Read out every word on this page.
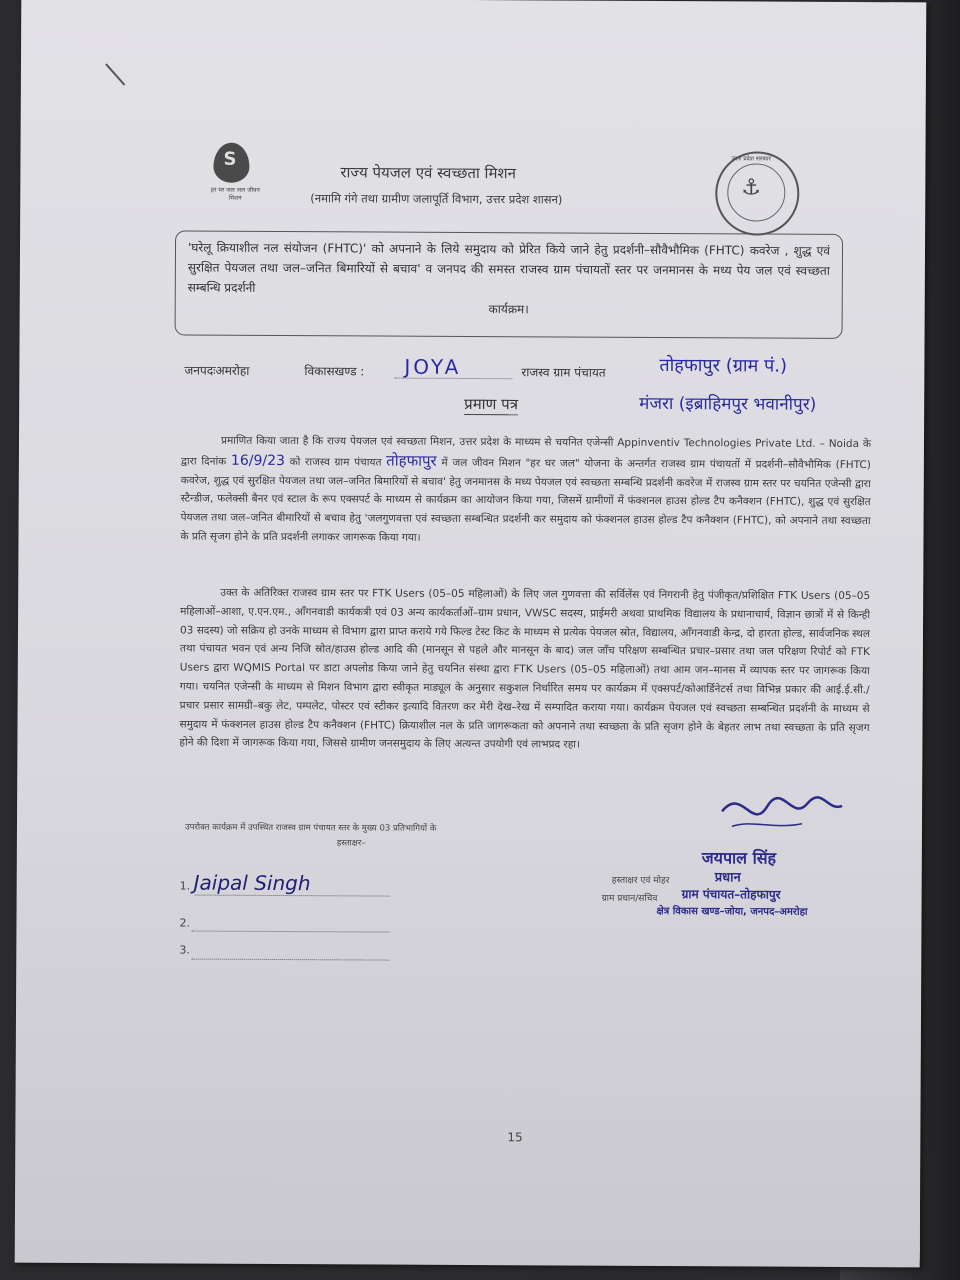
S
हर घर जल जल जीवन मिशन
राज्य पेयजल एवं स्वच्छता मिशन
(नमामि गंगे तथा ग्रामीण जलापूर्ति विभाग, उत्तर प्रदेश शासन)
उत्तर प्रदेश सरकार
⚓
'घरेलू क्रियाशील नल संयोजन (FHTC)' को अपनाने के लिये समुदाय को प्रेरित किये जाने हेतु प्रदर्शनी–सौवैभौमिक (FHTC) कवरेज , शुद्ध एवं सुरक्षित पेयजल तथा जल–जनित बिमारियों से बचाव' व जनपद की समस्त राजस्व ग्राम पंचायतों स्तर पर जनमानस के मध्य पेय जल एवं स्वच्छता सम्बन्धि प्रदर्शनी
कार्यक्रम।
जनपदःअमरोहा	विकासखण्ड : JOYA	राजस्व ग्राम पंचायत	तोहफापुर (ग्राम पं.)
मंजरा (इब्राहिमपुर भवानीपुर)
प्रमाण पत्र
प्रमाणित किया जाता है कि राज्य पेयजल एवं स्वच्छता मिशन, उत्तर प्रदेश के माध्यम से चयनित एजेन्सी Appinventiv Technologies Private Ltd. – Noida के द्वारा दिनांक 16/9/23 को राजस्व ग्राम पंचायत तोहफापुर में जल जीवन मिशन "हर घर जल" योजना के अन्तर्गत राजस्व ग्राम पंचायतों में प्रदर्शनी–सौवैभौमिक (FHTC) कवरेज, शुद्ध एवं सुरक्षित पेयजल तथा जल–जनित बिमारियों से बचाव' हेतु जनमानस के मध्य पेयजल एवं स्वच्छता सम्बन्धि प्रदर्शनी कवरेज में राजस्व ग्राम स्तर पर चयनित एजेन्सी द्वारा स्टैन्डीज, फलेक्सी बैनर एवं स्टाल के रूप एक्सपर्ट के माध्यम से कार्यक्रम का आयोजन किया गया, जिसमें ग्रामीणों में फंक्शनल हाउस होल्ड टैप कनैक्शन (FHTC), शुद्ध एवं सुरक्षित पेयजल तथा जल–जनित बीमारियों से बचाव हेतु 'जलगुणवत्ता एवं स्वच्छता सम्बन्धित प्रदर्शनी कर समुदाय को फंक्शनल हाउस होल्ड टैप कनैक्शन (FHTC), को अपनाने तथा स्वच्छता के प्रति सृजग होने के प्रति प्रदर्शनी लगाकर जागरूक किया गया।
उक्त के अतिरिक्त राजस्व ग्राम स्तर पर FTK Users (05–05 महिलाओं) के लिए जल गुणवत्ता की सर्विलेंस एवं निगरानी हेतु पंजीकृत/प्रशिक्षित FTK Users (05–05 महिलाओं–आशा, ए.एन.एम., आँगनवाडी कार्यकत्री एवं 03 अन्य कार्यकर्ताओं–ग्राम प्रधान, VWSC सदस्य, प्राईमरी अथवा प्राथमिक विद्यालय के प्रधानाचार्य, विज्ञान छात्रों में से किन्ही 03 सदस्य) जो सक्रिय हो उनके माध्यम से विभाग द्वारा प्राप्त कराये गये फिल्ड टेस्ट किट के माध्यम से प्रत्येक पेयजल स्रोत, विद्यालय, आँगनवाडी केन्द्र, दो हारता होल्ड, सार्वजनिक स्थल तथा पंचायत भवन एवं अन्य निजि स्रोत/हाउस होल्ड आदि की (मानसून से पहले और मानसून के बाद) जल जाँच परिक्षण सम्बन्धित प्रचार–प्रसार तथा जल परिक्षण रिपोर्ट को FTK Users द्वारा WQMIS Portal पर डाटा अपलोड किया जाने हेतु चयनित संस्था द्वारा FTK Users (05–05 महिलाओं) तथा आम जन–मानस में व्यापक स्तर पर जागरूक किया गया। चयनित एजेन्सी के माध्यम से मिशन विभाग द्वारा स्वीकृत माड्यूल के अनुसार सकुशल निर्धारित समय पर कार्यक्रम में एक्सपर्ट/कोआर्डिनेटर्स तथा विभिन्न प्रकार की आई.ई.सी./प्रचार प्रसार सामग्री–बकु लेट, पम्पलेट, पोस्टर एवं स्टीकर इत्यादि वितरण कर मेरी देख–रेख में सम्पादित कराया गया। कार्यक्रम पेयजल एवं स्वच्छता सम्बन्धित प्रदर्शनी के माध्यम से समुदाय में फंक्शनल हाउस होल्ड टैप कनैक्शन (FHTC) क्रियाशील नल के प्रति जागरूकता को अपनाने तथा स्वच्छता के प्रति सृजग होने के बेहतर लाभ तथा स्वच्छता के प्रति सृजग होने की दिशा में जागरूक किया गया, जिससे ग्रामीण जनसमुदाय के लिए अत्यन्त उपयोगी एवं लाभप्रद रहा।
उपरोक्त कार्यक्रम में उपस्थित राजस्व ग्राम पंचायत स्तर के मुख्य 03 प्रतिभागियों के
हस्ताक्षर–
1. Jaipal Singh
2.
3.
जयपाल सिंह
हस्ताक्षर एवं मोहर	प्रधान
ग्राम प्रधान/सचिव ग्राम पंचायत–तोहफापुर
क्षेत्र विकास खण्ड–जोया, जनपद–अमरोहा
15
